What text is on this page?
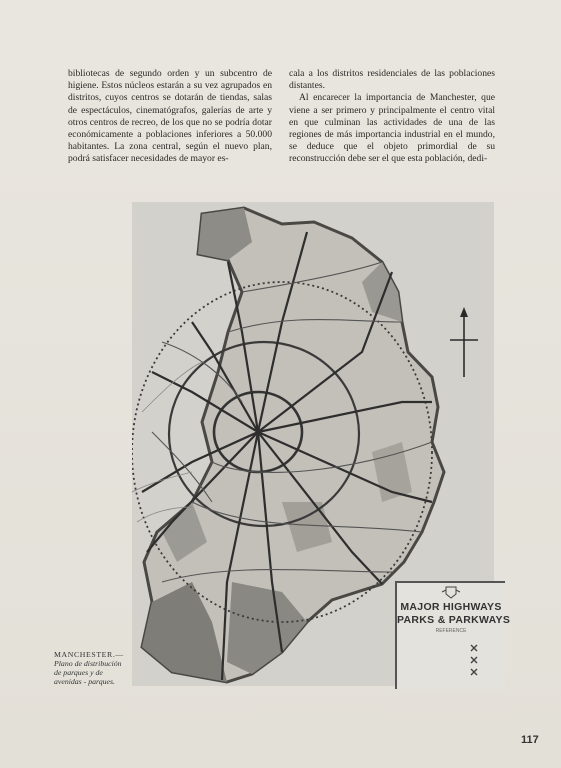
bibliotecas de segundo orden y un subcentro de higiene. Estos núcleos estarán a su vez agrupados en distritos, cuyos centros se dotarán de tiendas, salas de espectáculos, cinematógrafos, galerías de arte y otros centros de recreo, de los que no se podría dotar económicamente a poblaciones inferiores a 50.000 habitantes. La zona central, según el nuevo plan, podrá satisfacer necesidades de mayor es-

cala a los distritos residenciales de las poblaciones distantes.

Al encarecer la importancia de Manchester, que viene a ser primero y principalmente el centro vital en que culminan las actividades de una de las regiones de más importancia industrial en el mundo, se deduce que el objeto primordial de su reconstrucción debe ser el que esta población, dedi-

MAJOR HIGHWAYS
PARKS & PARKWAYS
REFERENCE
MANCHESTER.—
Plano de distribución de parques y de avenidas - parques.
117
